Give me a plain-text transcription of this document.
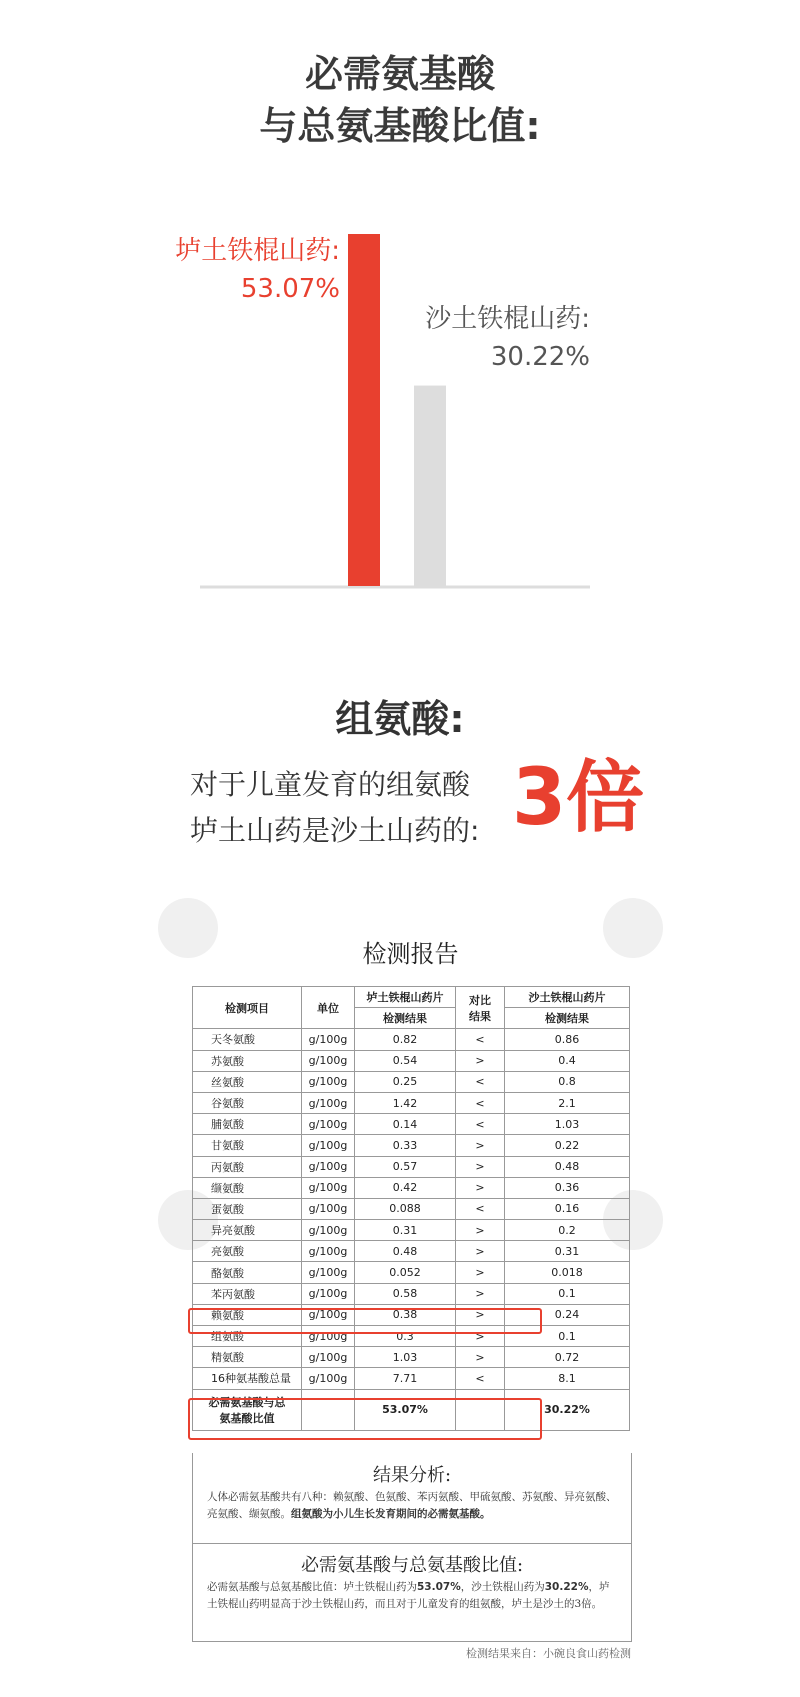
必需氨基酸
与总氨基酸比值:
垆土铁棍山药:
53.07%
沙土铁棍山药:
30.22%
组氨酸:
对于儿童发育的组氨酸
垆土山药是沙土山药的: 3倍
检测报告
检测项目	单位	垆土铁棍山药片	对比结果	沙土铁棍山药片
		检测结果		检测结果
天冬氨酸	g/100g	0.82	<	0.86
苏氨酸	g/100g	0.54	>	0.4
丝氨酸	g/100g	0.25	<	0.8
谷氨酸	g/100g	1.42	<	2.1
脯氨酸	g/100g	0.14	<	1.03
甘氨酸	g/100g	0.33	>	0.22
丙氨酸	g/100g	0.57	>	0.48
缬氨酸	g/100g	0.42	>	0.36
蛋氨酸	g/100g	0.088	<	0.16
异亮氨酸	g/100g	0.31	>	0.2
亮氨酸	g/100g	0.48	>	0.31
酪氨酸	g/100g	0.052	>	0.018
苯丙氨酸	g/100g	0.58	>	0.1
赖氨酸	g/100g	0.38	>	0.24
组氨酸	g/100g	0.3	>	0.1
精氨酸	g/100g	1.03	>	0.72
16种氨基酸总量	g/100g	7.71	<	8.1

必需氨基酸与总
氨基酸比值		53.07%		30.22%
结果分析:
人体必需氨基酸共有八种：赖氨酸、色氨酸、苯丙氨酸、甲硫氨酸、苏氨酸、异亮氨酸、亮氨酸、缬氨酸。组氨酸为小儿生长发育期间的必需氨基酸。
必需氨基酸与总氨基酸比值:
必需氨基酸与总氨基酸比值：垆土铁棍山药为53.07%，沙土铁棍山药为30.22%，垆土铁棍山药明显高于沙土铁棍山药，而且对于儿童发育的组氨酸，垆土是沙土的3倍。
检测结果来自：小碗良食山药检测
